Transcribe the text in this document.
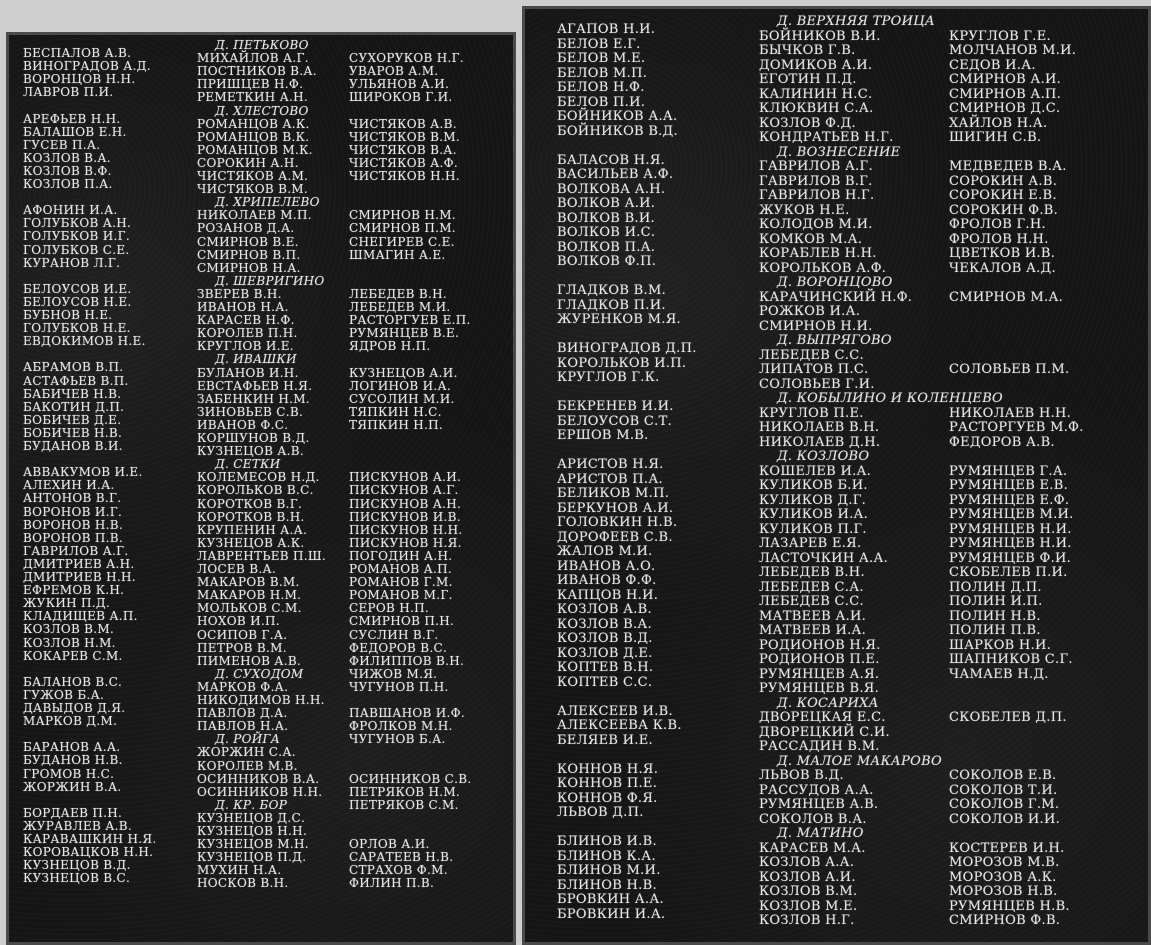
БЕСПАЛОВ А.В.
ВИНОГРАДОВ А.Д.
ВОРОНЦОВ Н.Н.
ЛАВРОВ П.И.
АРЕФЬЕВ Н.Н.
БАЛАШОВ Е.Н.
ГУСЕВ П.А.
КОЗЛОВ В.А.
КОЗЛОВ В.Ф.
КОЗЛОВ П.А.
АФОНИН И.А.
ГОЛУБКОВ А.Н.
ГОЛУБКОВ И.Г.
ГОЛУБКОВ С.Е.
КУРАНОВ Л.Г.
БЕЛОУСОВ И.Е.
БЕЛОУСОВ Н.Е.
БУБНОВ Н.Е.
ГОЛУБКОВ Н.Е.
ЕВДОКИМОВ Н.Е.
АБРАМОВ В.П.
АСТАФЬЕВ В.П.
БАБИЧЕВ Н.В.
БАКОТИН Д.П.
БОБИЧЕВ Д.Е.
БОБИЧЕВ Н.В.
БУДАНОВ В.И.
АВВАКУМОВ И.Е.
АЛЕХИН И.А.
АНТОНОВ В.Г.
ВОРОНОВ И.Г.
ВОРОНОВ Н.В.
ВОРОНОВ П.В.
ГАВРИЛОВ А.Г.
ДМИТРИЕВ А.Н.
ДМИТРИЕВ Н.Н.
ЕФРЕМОВ К.Н.
ЖУКИН П.Д.
КЛАДИЩЕВ А.П.
КОЗЛОВ В.М.
КОЗЛОВ Н.М.
КОКАРЕВ С.М.
БАЛАНОВ В.С.
ГУЖОВ Б.А.
ДАВЫДОВ Д.Я.
МАРКОВ Д.М.
БАРАНОВ А.А.
БУДАНОВ Н.В.
ГРОМОВ Н.С.
ЖОРЖИН В.А.
БОРДАЕВ П.Н.
ЖУРАВЛЕВ А.В.
КАРАВАШКИН Н.Я.
КОРОВАЦКОВ Н.Н.
КУЗНЕЦОВ В.Д.
КУЗНЕЦОВ В.С.
Д. ПЕТЬКОВО
МИХАЙЛОВ А.Г.
ПОСТНИКОВ В.А.
ПРИШЦЕВ Н.Ф.
РЕМЕТКИН А.Н.
Д. ХЛЕСТОВО
РОМАНЦОВ А.К.
РОМАНЦОВ В.К.
РОМАНЦОВ М.К.
СОРОКИН А.Н.
ЧИСТЯКОВ А.М.
ЧИСТЯКОВ В.М.
Д. ХРИПЕЛЕВО
НИКОЛАЕВ М.П.
РОЗАНОВ Д.А.
СМИРНОВ В.Е.
СМИРНОВ В.П.
СМИРНОВ Н.А.
Д. ШЕВРИГИНО
ЗВЕРЕВ В.Н.
ИВАНОВ Н.А.
КАРАСЕВ Н.Ф.
КОРОЛЕВ П.Н.
КРУГЛОВ И.Е.
Д. ИВАШКИ
БУЛАНОВ И.Н.
ЕВСТАФЬЕВ Н.Я.
ЗАБЕНКИН Н.М.
ЗИНОВЬЕВ С.В.
ИВАНОВ Ф.С.
КОРШУНОВ В.Д.
КУЗНЕЦОВ А.В.
Д. СЕТКИ
КОЛЕМЕСОВ Н.Д.
КОРОЛЬКОВ В.С.
КОРОТКОВ В.Г.
КОРОТКОВ В.Н.
КРУПЕНИН А.А.
КУЗНЕЦОВ А.К.
ЛАВРЕНТЬЕВ П.Ш.
ЛОСЕВ В.А.
МАКАРОВ В.М.
МАКАРОВ Н.М.
МОЛЬКОВ С.М.
НОХОВ И.П.
ОСИПОВ Г.А.
ПЕТРОВ В.М.
ПИМЕНОВ А.В.
Д. СУХОДОМ
МАРКОВ Ф.А.
НИКОДИМОВ Н.Н.
ПАВЛОВ Д.А.
ПАВЛОВ Н.А.
Д. РОЙГА
ЖОРЖИН С.А.
КОРОЛЕВ М.В.
ОСИННИКОВ В.А.
ОСИННИКОВ Н.Н.
Д. КР. БОР
КУЗНЕЦОВ Д.С.
КУЗНЕЦОВ Н.Н.
КУЗНЕЦОВ М.Н.
КУЗНЕЦОВ П.Д.
МУХИН Н.А.
НОСКОВ В.Н.
СУХОРУКОВ Н.Г.
УВАРОВ А.М.
УЛЬЯНОВ А.И.
ШИРОКОВ Г.И.
ЧИСТЯКОВ А.В.
ЧИСТЯКОВ В.М.
ЧИСТЯКОВ В.А.
ЧИСТЯКОВ А.Ф.
ЧИСТЯКОВ Н.Н.
СМИРНОВ Н.М.
СМИРНОВ П.М.
СНЕГИРЕВ С.Е.
ШМАГИН А.Е.
ЛЕБЕДЕВ В.Н.
ЛЕБЕДЕВ М.И.
РАСТОРГУЕВ Е.П.
РУМЯНЦЕВ В.Е.
ЯДРОВ Н.П.
КУЗНЕЦОВ А.И.
ЛОГИНОВ И.А.
СУСОЛИН М.И.
ТЯПКИН Н.С.
ТЯПКИН Н.П.
ПИСКУНОВ А.И.
ПИСКУНОВ А.Г.
ПИСКУНОВ А.Н.
ПИСКУНОВ И.В.
ПИСКУНОВ Н.Н.
ПИСКУНОВ Н.Я.
ПОГОДИН А.Н.
РОМАНОВ А.П.
РОМАНОВ Г.М.
РОМАНОВ М.Г.
СЕРОВ Н.П.
СМИРНОВ П.Н.
СУСЛИН В.Г.
ФЕДОРОВ В.С.
ФИЛИППОВ В.Н.
ЧИЖОВ М.Я.
ЧУГУНОВ П.Н.
ПАВШАНОВ И.Ф.
ФРОЛКОВ М.Н.
ЧУГУНОВ Б.А.
ОСИННИКОВ С.В.
ПЕТРЯКОВ Н.М.
ПЕТРЯКОВ С.М.
ОРЛОВ А.И.
САРАТЕЕВ Н.В.
СТРАХОВ Ф.М.
ФИЛИН П.В.
АГАПОВ Н.И.
БЕЛОВ Е.Г.
БЕЛОВ М.Е.
БЕЛОВ М.П.
БЕЛОВ Н.Ф.
БЕЛОВ П.И.
БОЙНИКОВ А.А.
БОЙНИКОВ В.Д.
БАЛАСОВ Н.Я.
ВАСИЛЬЕВ А.Ф.
ВОЛКОВА А.Н.
ВОЛКОВ А.И.
ВОЛКОВ В.И.
ВОЛКОВ И.С.
ВОЛКОВ П.А.
ВОЛКОВ Ф.П.
ГЛАДКОВ В.М.
ГЛАДКОВ П.И.
ЖУРЕНКОВ М.Я.
ВИНОГРАДОВ Д.П.
КОРОЛЬКОВ И.П.
КРУГЛОВ Г.К.
БЕКРЕНЕВ И.И.
БЕЛОУСОВ С.Т.
ЕРШОВ М.В.
АРИСТОВ Н.Я.
АРИСТОВ П.А.
БЕЛИКОВ М.П.
БЕРКУНОВ А.И.
ГОЛОВКИН Н.В.
ДОРОФЕЕВ С.В.
ЖАЛОВ М.И.
ИВАНОВ А.О.
ИВАНОВ Ф.Ф.
КАПЦОВ Н.И.
КОЗЛОВ А.В.
КОЗЛОВ В.А.
КОЗЛОВ В.Д.
КОЗЛОВ Д.Е.
КОПТЕВ В.Н.
КОПТЕВ С.С.
АЛЕКСЕЕВ И.В.
АЛЕКСЕЕВА К.В.
БЕЛЯЕВ И.Е.
КОННОВ Н.Я.
КОННОВ П.Е.
КОННОВ Ф.Я.
ЛЬВОВ Д.П.
БЛИНОВ И.В.
БЛИНОВ К.А.
БЛИНОВ М.И.
БЛИНОВ Н.В.
БРОВКИН А.А.
БРОВКИН И.А.
Д. ВЕРХНЯЯ ТРОИЦА
БОЙНИКОВ В.И.
БЫЧКОВ Г.В.
ДОМИКОВ А.И.
ЕГОТИН П.Д.
КАЛИНИН Н.С.
КЛЮКВИН С.А.
КОЗЛОВ Ф.Д.
КОНДРАТЬЕВ Н.Г.
Д. ВОЗНЕСЕНИЕ
ГАВРИЛОВ А.Г.
ГАВРИЛОВ В.Г.
ГАВРИЛОВ Н.Г.
ЖУКОВ Н.Е.
КОЛОДОВ М.И.
КОМКОВ М.А.
КОРАБЛЕВ Н.Н.
КОРОЛЬКОВ А.Ф.
Д. ВОРОНЦОВО
КАРАЧИНСКИЙ Н.Ф.
РОЖКОВ И.А.
СМИРНОВ Н.И.
Д. ВЫПРЯГОВО
ЛЕБЕДЕВ С.С.
ЛИПАТОВ П.С.
СОЛОВЬЕВ Г.И.
Д. КОБЫЛИНО И КОЛЕНЦЕВО
КРУГЛОВ П.Е.
НИКОЛАЕВ В.Н.
НИКОЛАЕВ Д.Н.
Д. КОЗЛОВО
КОШЕЛЕВ И.А.
КУЛИКОВ Б.И.
КУЛИКОВ Д.Г.
КУЛИКОВ И.А.
КУЛИКОВ П.Г.
ЛАЗАРЕВ Е.Я.
ЛАСТОЧКИН А.А.
ЛЕБЕДЕВ В.Н.
ЛЕБЕДЕВ С.А.
ЛЕБЕДЕВ С.С.
МАТВЕЕВ А.И.
МАТВЕЕВ И.А.
РОДИОНОВ Н.Я.
РОДИОНОВ П.Е.
РУМЯНЦЕВ А.Я.
РУМЯНЦЕВ В.Я.
Д. КОСАРИХА
ДВОРЕЦКАЯ Е.С.
ДВОРЕЦКИЙ С.И.
РАССАДИН В.М.
Д. МАЛОЕ МАКАРОВО
ЛЬВОВ В.Д.
РАССУДОВ А.А.
РУМЯНЦЕВ А.В.
СОКОЛОВ В.А.
Д. МАТИНО
КАРАСЕВ М.А.
КОЗЛОВ А.А.
КОЗЛОВ А.И.
КОЗЛОВ В.М.
КОЗЛОВ М.Е.
КОЗЛОВ Н.Г.
КРУГЛОВ Г.Е.
МОЛЧАНОВ М.И.
СЕДОВ И.А.
СМИРНОВ А.И.
СМИРНОВ А.П.
СМИРНОВ Д.С.
ХАЙЛОВ Н.А.
ШИГИН С.В.
МЕДВЕДЕВ В.А.
СОРОКИН А.В.
СОРОКИН Е.В.
СОРОКИН Ф.В.
ФРОЛОВ Г.Н.
ФРОЛОВ Н.Н.
ЦВЕТКОВ И.В.
ЧЕКАЛОВ А.Д.
СМИРНОВ М.А.
СОЛОВЬЕВ П.М.
НИКОЛАЕВ Н.Н.
РАСТОРГУЕВ М.Ф.
ФЕДОРОВ А.В.
РУМЯНЦЕВ Г.А.
РУМЯНЦЕВ Е.В.
РУМЯНЦЕВ Е.Ф.
РУМЯНЦЕВ М.И.
РУМЯНЦЕВ Н.И.
РУМЯНЦЕВ Н.И.
РУМЯНЦЕВ Ф.И.
СКОБЕЛЕВ П.И.
ПОЛИН Д.П.
ПОЛИН И.П.
ПОЛИН Н.В.
ПОЛИН П.В.
ШАРКОВ Н.И.
ШАПНИКОВ С.Г.
ЧАМАЕВ Н.Д.
СКОБЕЛЕВ Д.П.
СОКОЛОВ Е.В.
СОКОЛОВ Т.И.
СОКОЛОВ Г.М.
СОКОЛОВ И.И.
КОСТЕРЕВ И.Н.
МОРОЗОВ М.В.
МОРОЗОВ А.К.
МОРОЗОВ Н.В.
РУМЯНЦЕВ Н.В.
СМИРНОВ Ф.В.
